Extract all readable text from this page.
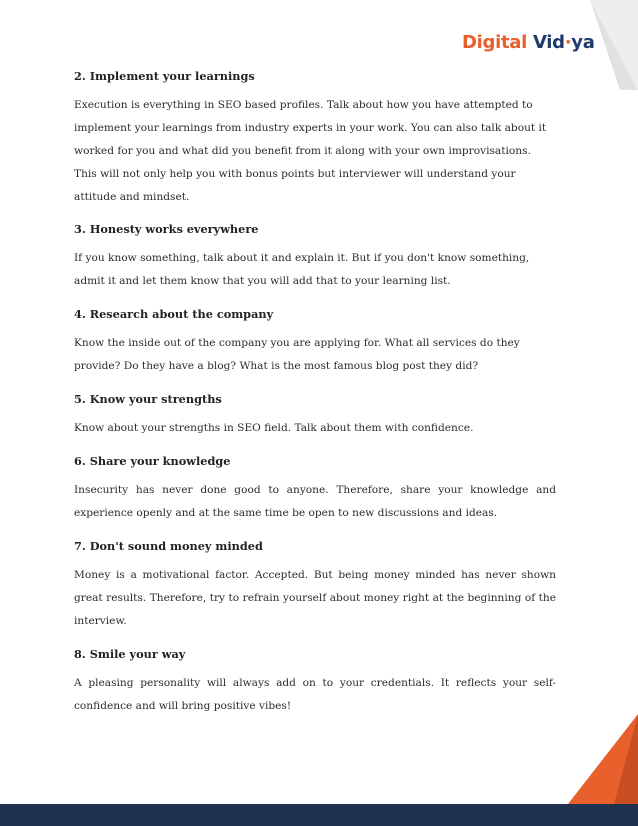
Digital Vid·ya
2. Implement your learnings

Execution is everything in SEO based profiles. Talk about how you have attempted to implement your learnings from industry experts in your work. You can also talk about it worked for you and what did you benefit from it along with your own improvisations. This will not only help you with bonus points but interviewer will understand your attitude and mindset.

3. Honesty works everywhere

If you know something, talk about it and explain it. But if you don't know something, admit it and let them know that you will add that to your learning list.

4. Research about the company

Know the inside out of the company you are applying for. What all services do they provide? Do they have a blog? What is the most famous blog post they did?

5. Know your strengths

Know about your strengths in SEO field. Talk about them with confidence.

6. Share your knowledge

Insecurity has never done good to anyone. Therefore, share your knowledge and experience openly and at the same time be open to new discussions and ideas.

7. Don't sound money minded

Money is a motivational factor. Accepted. But being money minded has never shown great results. Therefore, try to refrain yourself about money right at the beginning of the interview.

8. Smile your way

A pleasing personality will always add on to your credentials. It reflects your self-confidence and will bring positive vibes!
